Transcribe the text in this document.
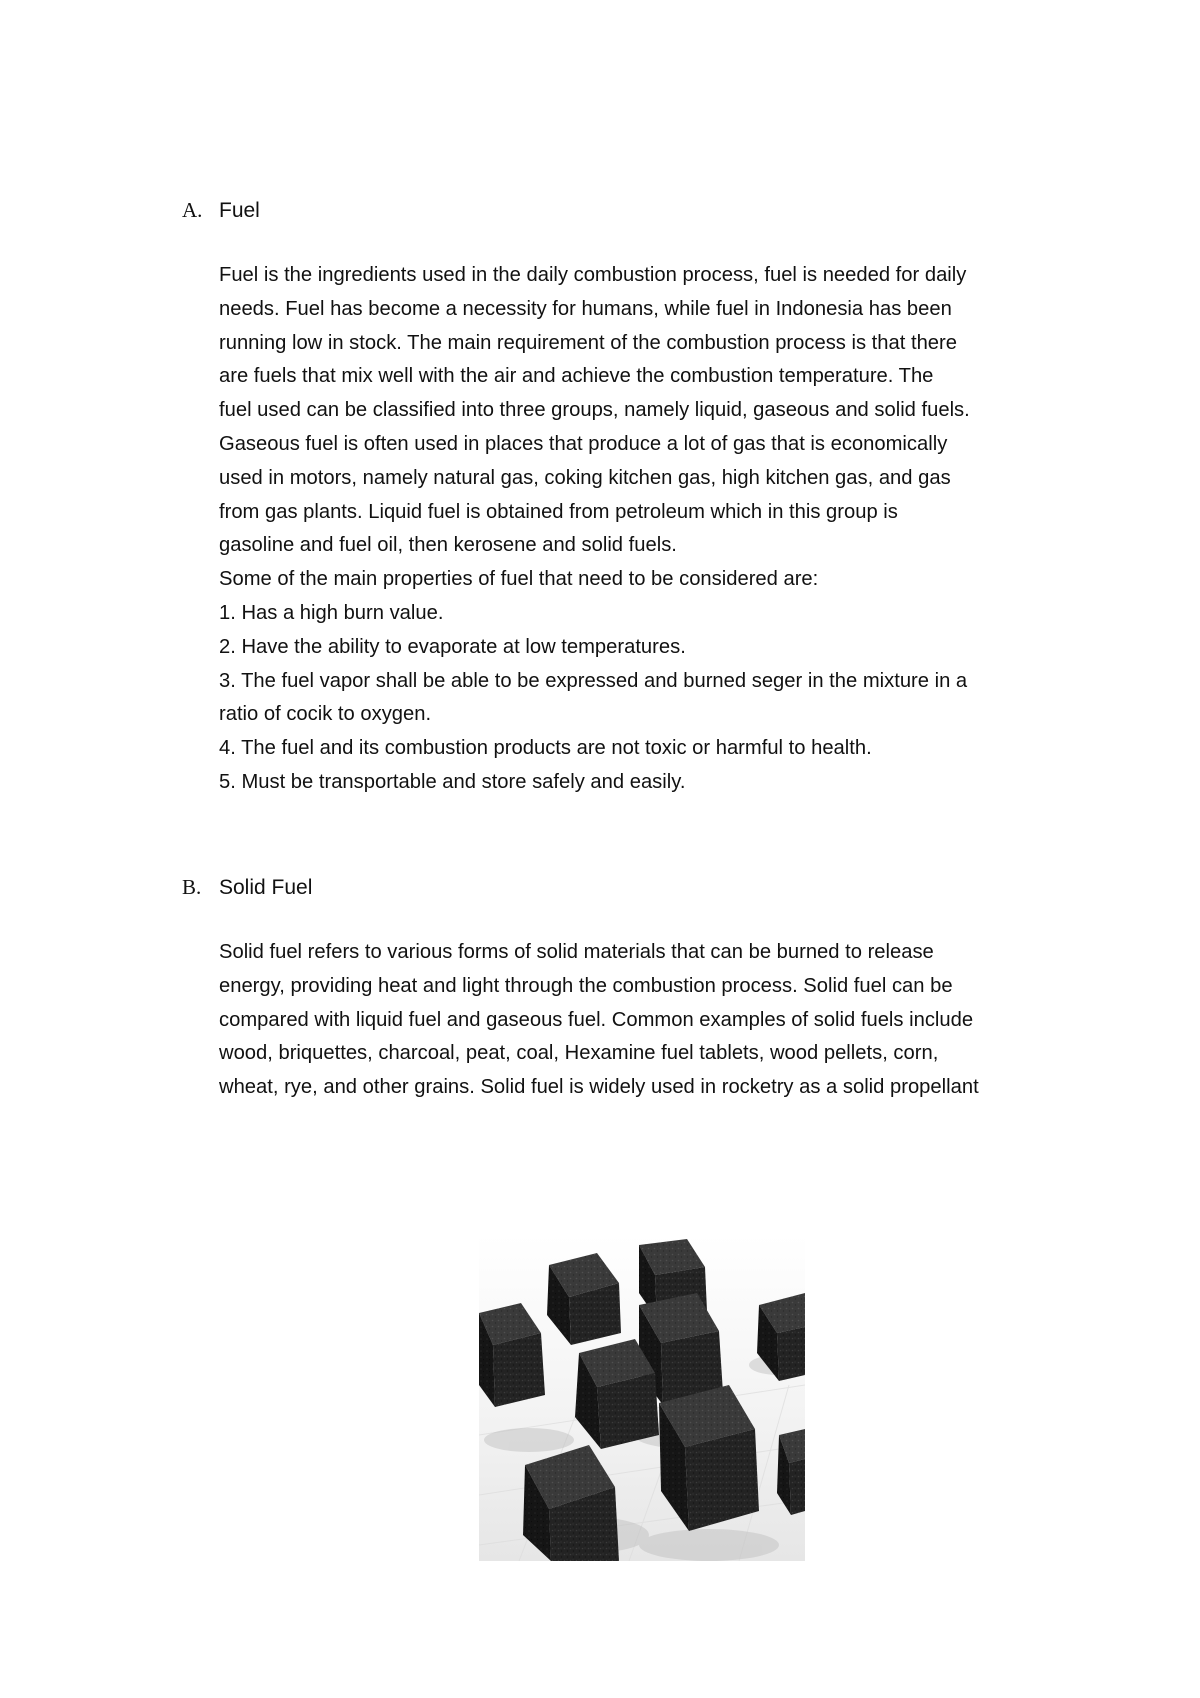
A. Fuel
Fuel is the ingredients used in the daily combustion process, fuel is needed for daily
needs. Fuel has become a necessity for humans, while fuel in Indonesia has been
running low in stock. The main requirement of the combustion process is that there
are fuels that mix well with the air and achieve the combustion temperature. The
fuel used can be classified into three groups, namely liquid, gaseous and solid fuels.
Gaseous fuel is often used in places that produce a lot of gas that is economically
used in motors, namely natural gas, coking kitchen gas, high kitchen gas, and gas
from gas plants. Liquid fuel is obtained from petroleum which in this group is
gasoline and fuel oil, then kerosene and solid fuels.
Some of the main properties of fuel that need to be considered are:
1. Has a high burn value.
2. Have the ability to evaporate at low temperatures.
3. The fuel vapor shall be able to be expressed and burned seger in the mixture in a
ratio of cocik to oxygen.
4. The fuel and its combustion products are not toxic or harmful to health.
5. Must be transportable and store safely and easily.
B. Solid Fuel
Solid fuel refers to various forms of solid materials that can be burned to release
energy, providing heat and light through the combustion process. Solid fuel can be
compared with liquid fuel and gaseous fuel. Common examples of solid fuels include
wood, briquettes, charcoal, peat, coal, Hexamine fuel tablets, wood pellets, corn,
wheat, rye, and other grains. Solid fuel is widely used in rocketry as a solid propellant
